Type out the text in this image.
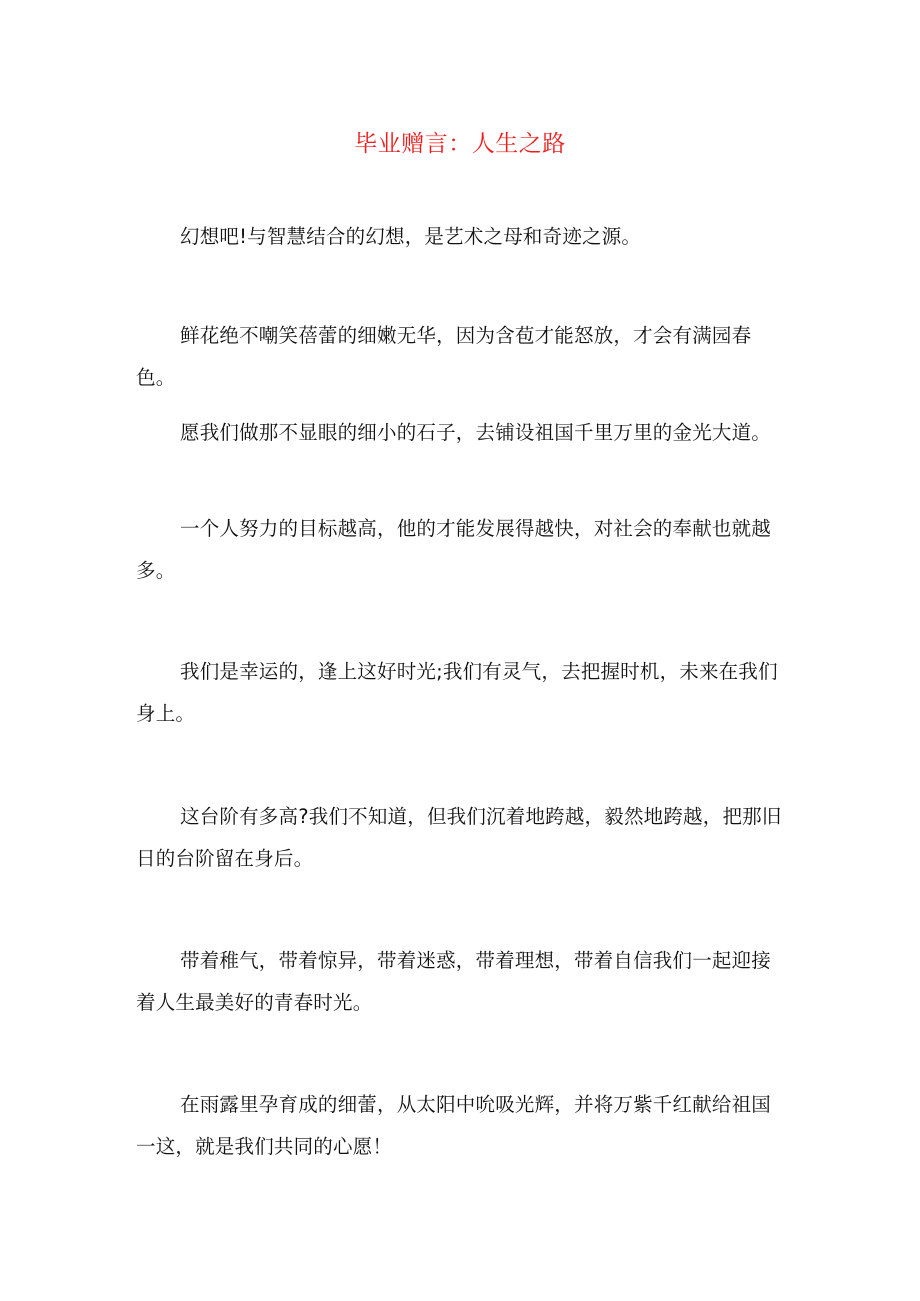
毕业赠言：人生之路

幻想吧!与智慧结合的幻想，是艺术之母和奇迹之源。

鲜花绝不嘲笑蓓蕾的细嫩无华，因为含苞才能怒放，才会有满园春色。

愿我们做那不显眼的细小的石子，去铺设祖国千里万里的金光大道。

一个人努力的目标越高，他的才能发展得越快，对社会的奉献也就越多。

我们是幸运的，逢上这好时光;我们有灵气，去把握时机，未来在我们身上。

这台阶有多高?我们不知道，但我们沉着地跨越，毅然地跨越，把那旧日的台阶留在身后。

带着稚气，带着惊异，带着迷惑，带着理想，带着自信我们一起迎接着人生最美好的青春时光。

在雨露里孕育成的细蕾，从太阳中吮吸光辉，并将万紫千红献给祖国一这，就是我们共同的心愿！
